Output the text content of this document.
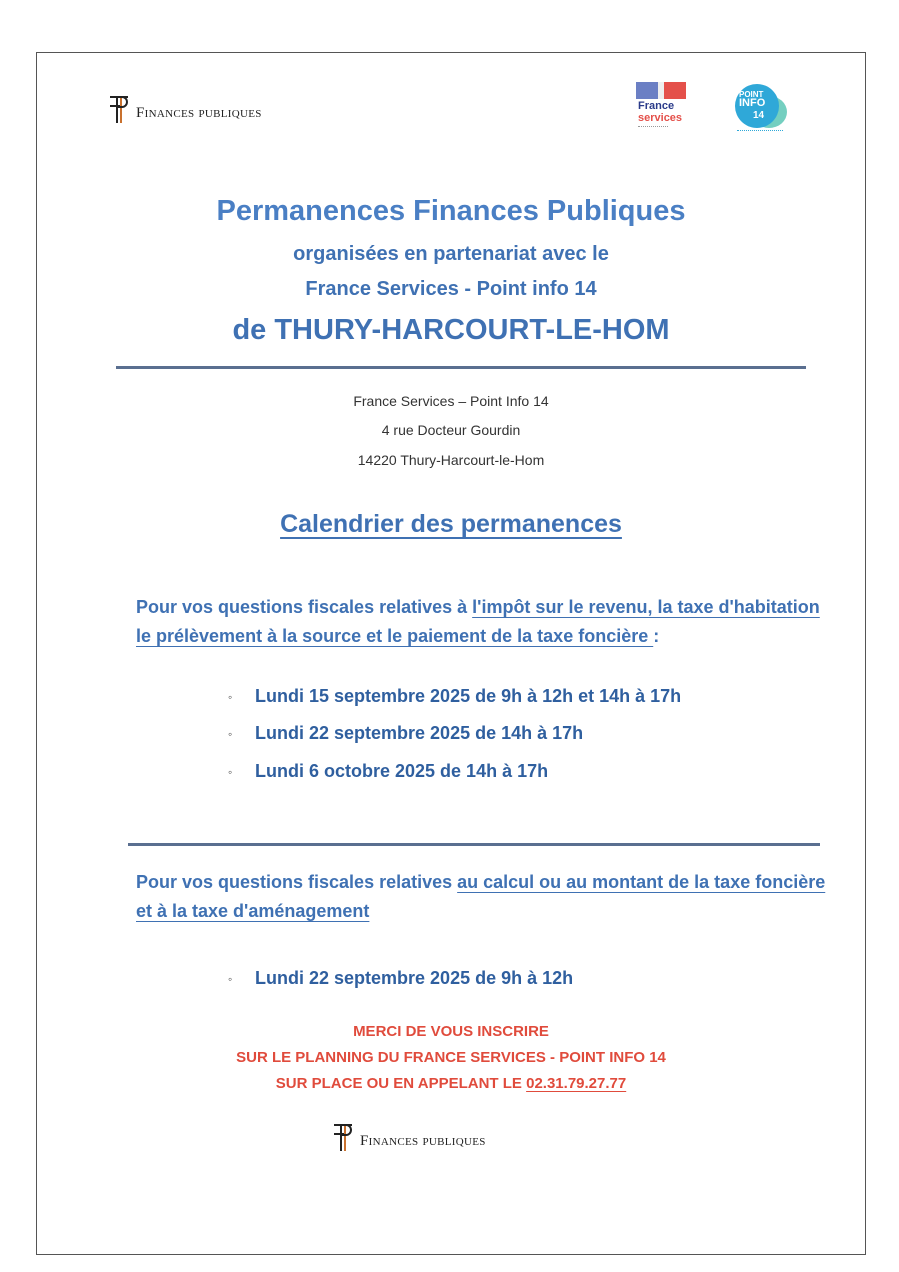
Finances publiques	France
services
POINT
INFO
14
Permanences Finances Publiques
organisées en partenariat avec le
France Services - Point info 14
de THURY-HARCOURT-LE-HOM
France Services – Point Info 14
4 rue Docteur Gourdin
14220 Thury-Harcourt-le-Hom
Calendrier des permanences
Pour vos questions fiscales relatives à l'impôt sur le revenu, la taxe d'habitation le prélèvement à la source et le paiement de la taxe foncière :
◦ Lundi 15 septembre 2025 de 9h à 12h et 14h à 17h
◦ Lundi 22 septembre 2025 de 14h à 17h
◦ Lundi 6 octobre 2025 de 14h à 17h
Pour vos questions fiscales relatives au calcul ou au montant de la taxe foncière et à la taxe d'aménagement
◦ Lundi 22 septembre 2025 de 9h à 12h
MERCI DE VOUS INSCRIRE
SUR LE PLANNING DU FRANCE SERVICES - POINT INFO 14
SUR PLACE OU EN APPELANT LE 02.31.79.27.77
Finances publiques
